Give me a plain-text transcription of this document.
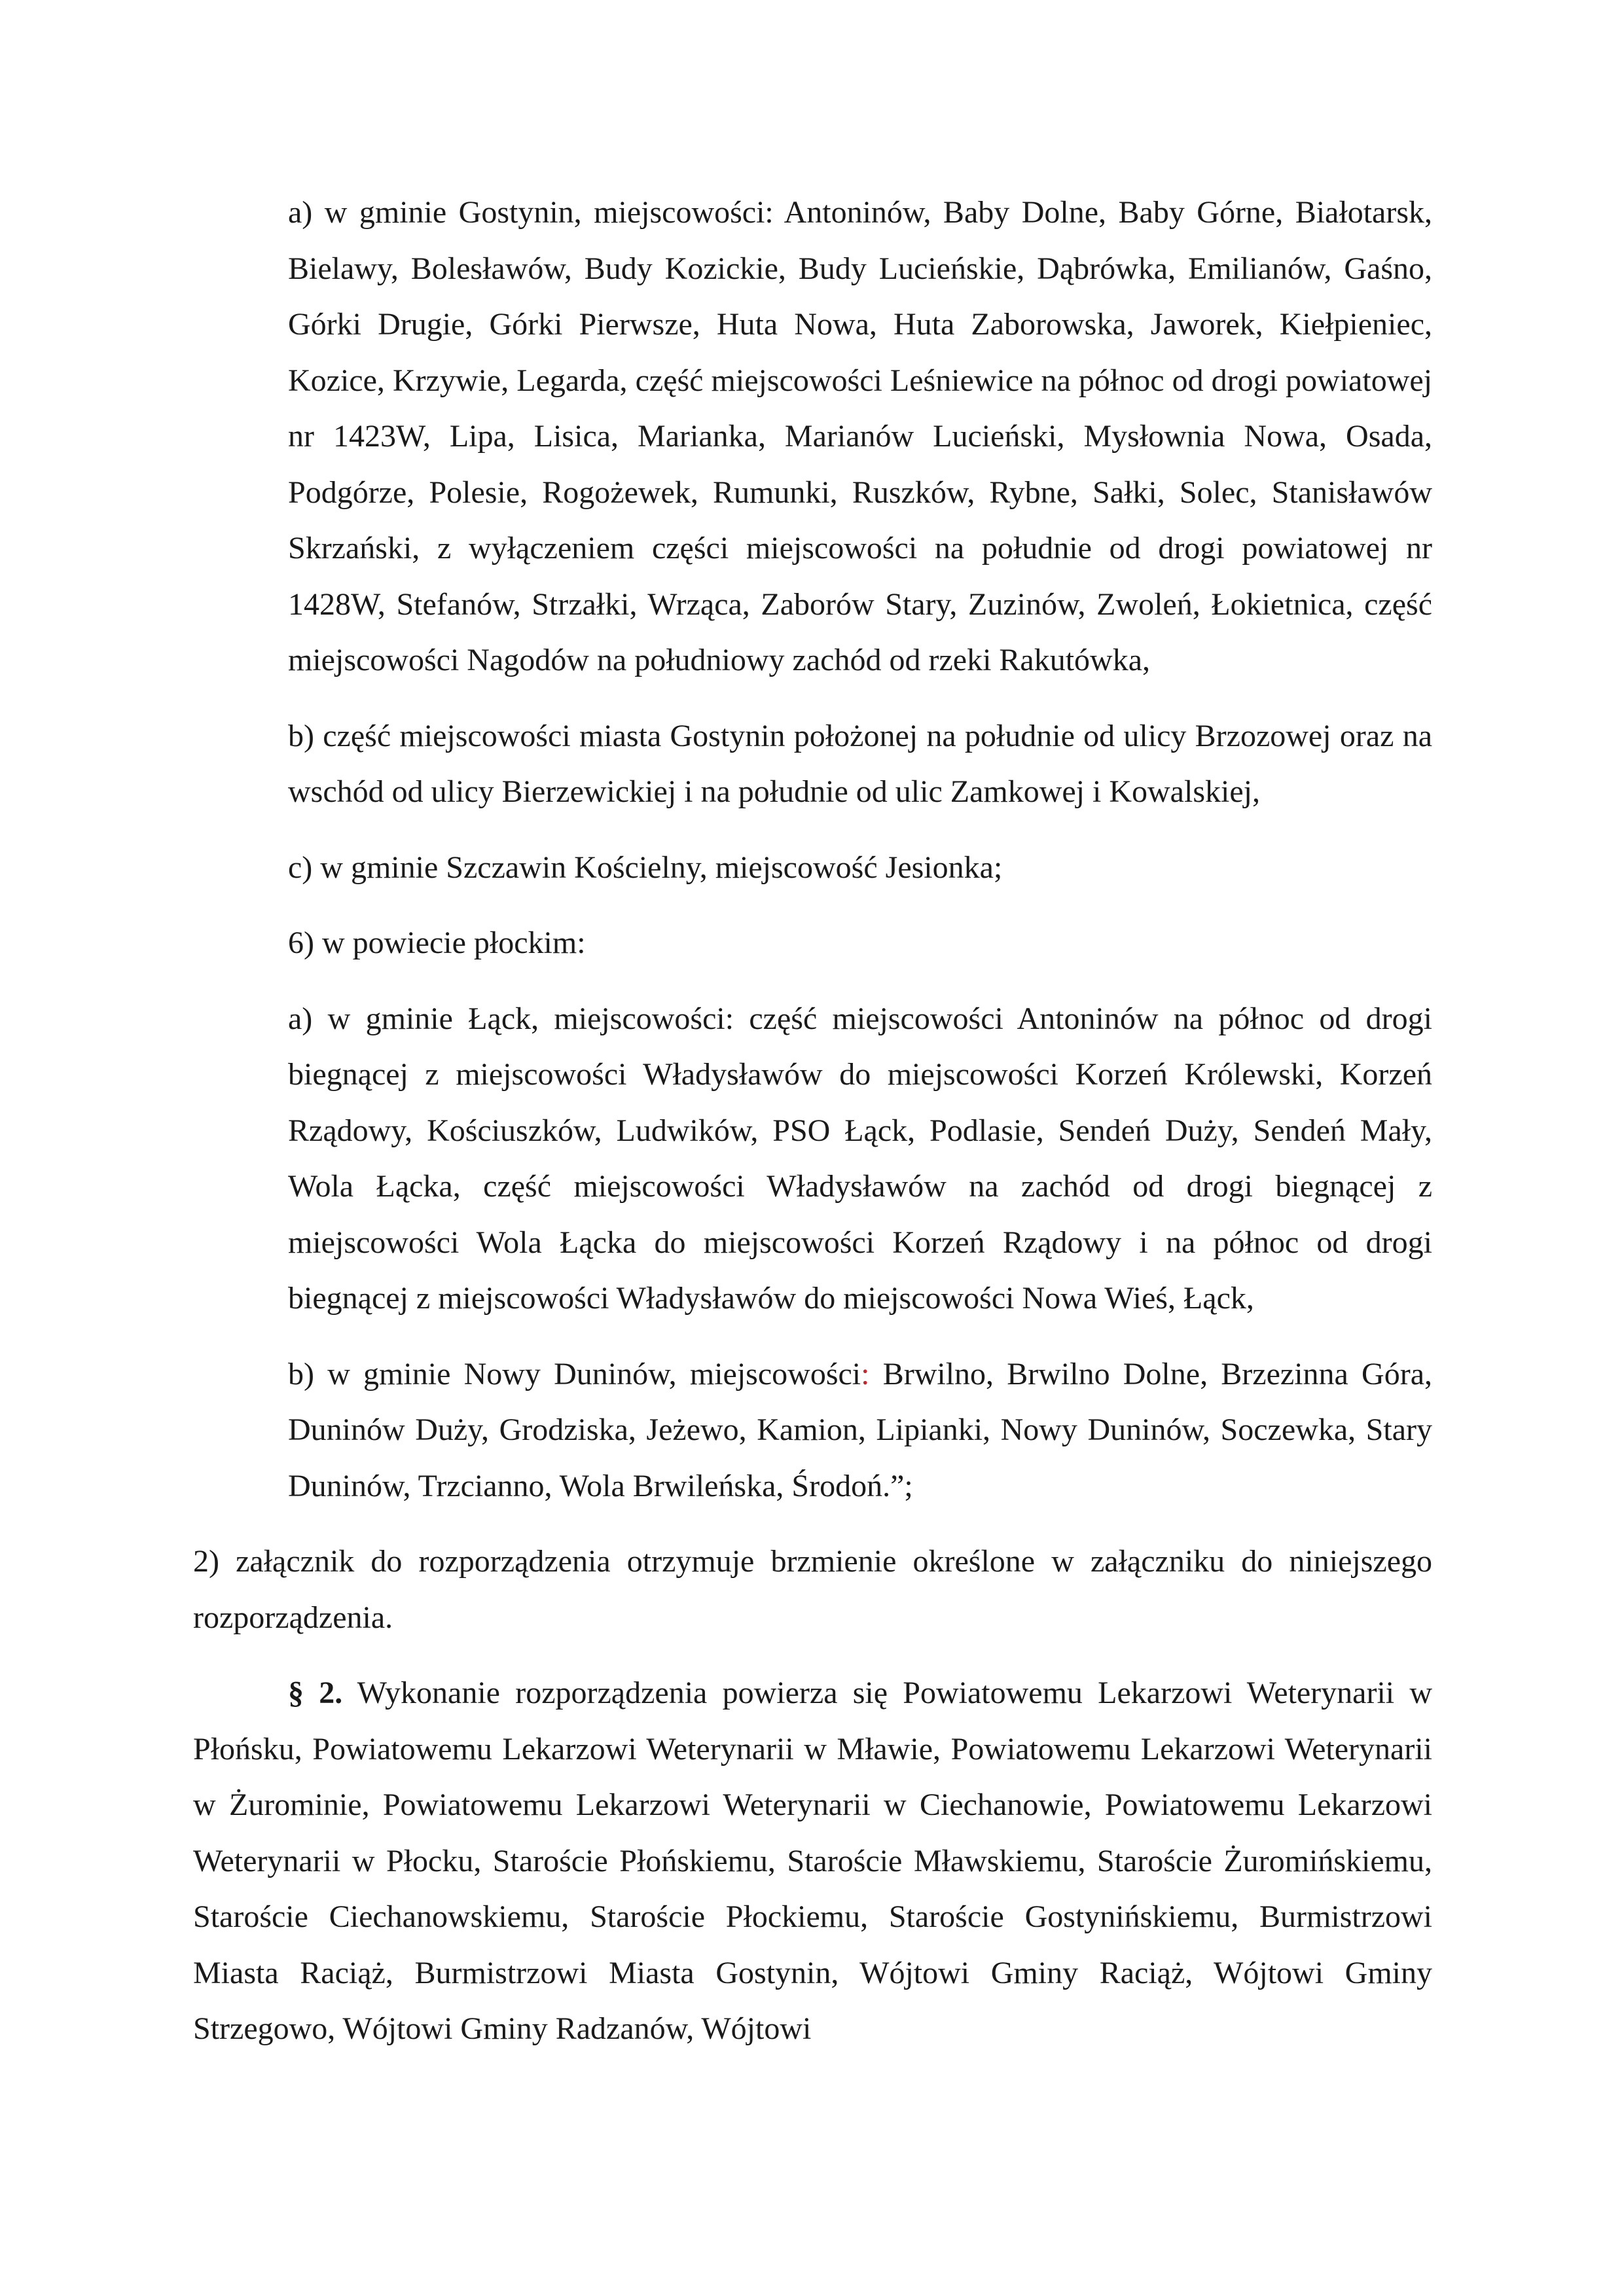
a) w gminie Gostynin, miejscowości: Antoninów, Baby Dolne, Baby Górne, Białotarsk, Bielawy, Bolesławów, Budy Kozickie, Budy Lucieńskie, Dąbrówka, Emilianów, Gaśno, Górki Drugie, Górki Pierwsze, Huta Nowa, Huta Zaborowska, Jaworek, Kiełpieniec, Kozice, Krzywie, Legarda, część miejscowości Leśniewice na północ od drogi powiatowej nr 1423W, Lipa, Lisica, Marianka, Marianów Lucieński, Mysłownia Nowa, Osada, Podgórze, Polesie, Rogożewek, Rumunki, Ruszków, Rybne, Sałki, Solec, Stanisławów Skrzański, z wyłączeniem części miejscowości na południe od drogi powiatowej nr 1428W, Stefanów, Strzałki, Wrząca, Zaborów Stary, Zuzinów, Zwoleń, Łokietnica, część miejscowości Nagodów na południowy zachód od rzeki Rakutówka,

b) część miejscowości miasta Gostynin położonej na południe od ulicy Brzozowej oraz na wschód od ulicy Bierzewickiej i na południe od ulic Zamkowej i Kowalskiej,

c) w gminie Szczawin Kościelny, miejscowość Jesionka;

6) w powiecie płockim:

a) w gminie Łąck, miejscowości: część miejscowości Antoninów na północ od drogi biegnącej z miejscowości Władysławów do miejscowości Korzeń Królewski, Korzeń Rządowy, Kościuszków, Ludwików, PSO Łąck, Podlasie, Sendeń Duży, Sendeń Mały, Wola Łącka, część miejscowości Władysławów na zachód od drogi biegnącej z miejscowości Wola Łącka do miejscowości Korzeń Rządowy i na północ od drogi biegnącej z miejscowości Władysławów do miejscowości Nowa Wieś, Łąck,

b) w gminie Nowy Duninów, miejscowości: Brwilno, Brwilno Dolne, Brzezinna Góra, Duninów Duży, Grodziska, Jeżewo, Kamion, Lipianki, Nowy Duninów, Soczewka, Stary Duninów, Trzcianno, Wola Brwileńska, Środoń.”;

2) załącznik do rozporządzenia otrzymuje brzmienie określone w załączniku do niniejszego rozporządzenia.

§ 2. Wykonanie rozporządzenia powierza się Powiatowemu Lekarzowi Weterynarii w Płońsku, Powiatowemu Lekarzowi Weterynarii w Mławie, Powiatowemu Lekarzowi Weterynarii w Żurominie, Powiatowemu Lekarzowi Weterynarii w Ciechanowie, Powiatowemu Lekarzowi Weterynarii w Płocku, Staroście Płońskiemu, Staroście Mławskiemu, Staroście Żuromińskiemu, Staroście Ciechanowskiemu, Staroście Płockiemu, Staroście Gostynińskiemu, Burmistrzowi Miasta Raciąż, Burmistrzowi Miasta Gostynin, Wójtowi Gminy Raciąż, Wójtowi Gminy Strzegowo, Wójtowi Gminy Radzanów, Wójtowi
